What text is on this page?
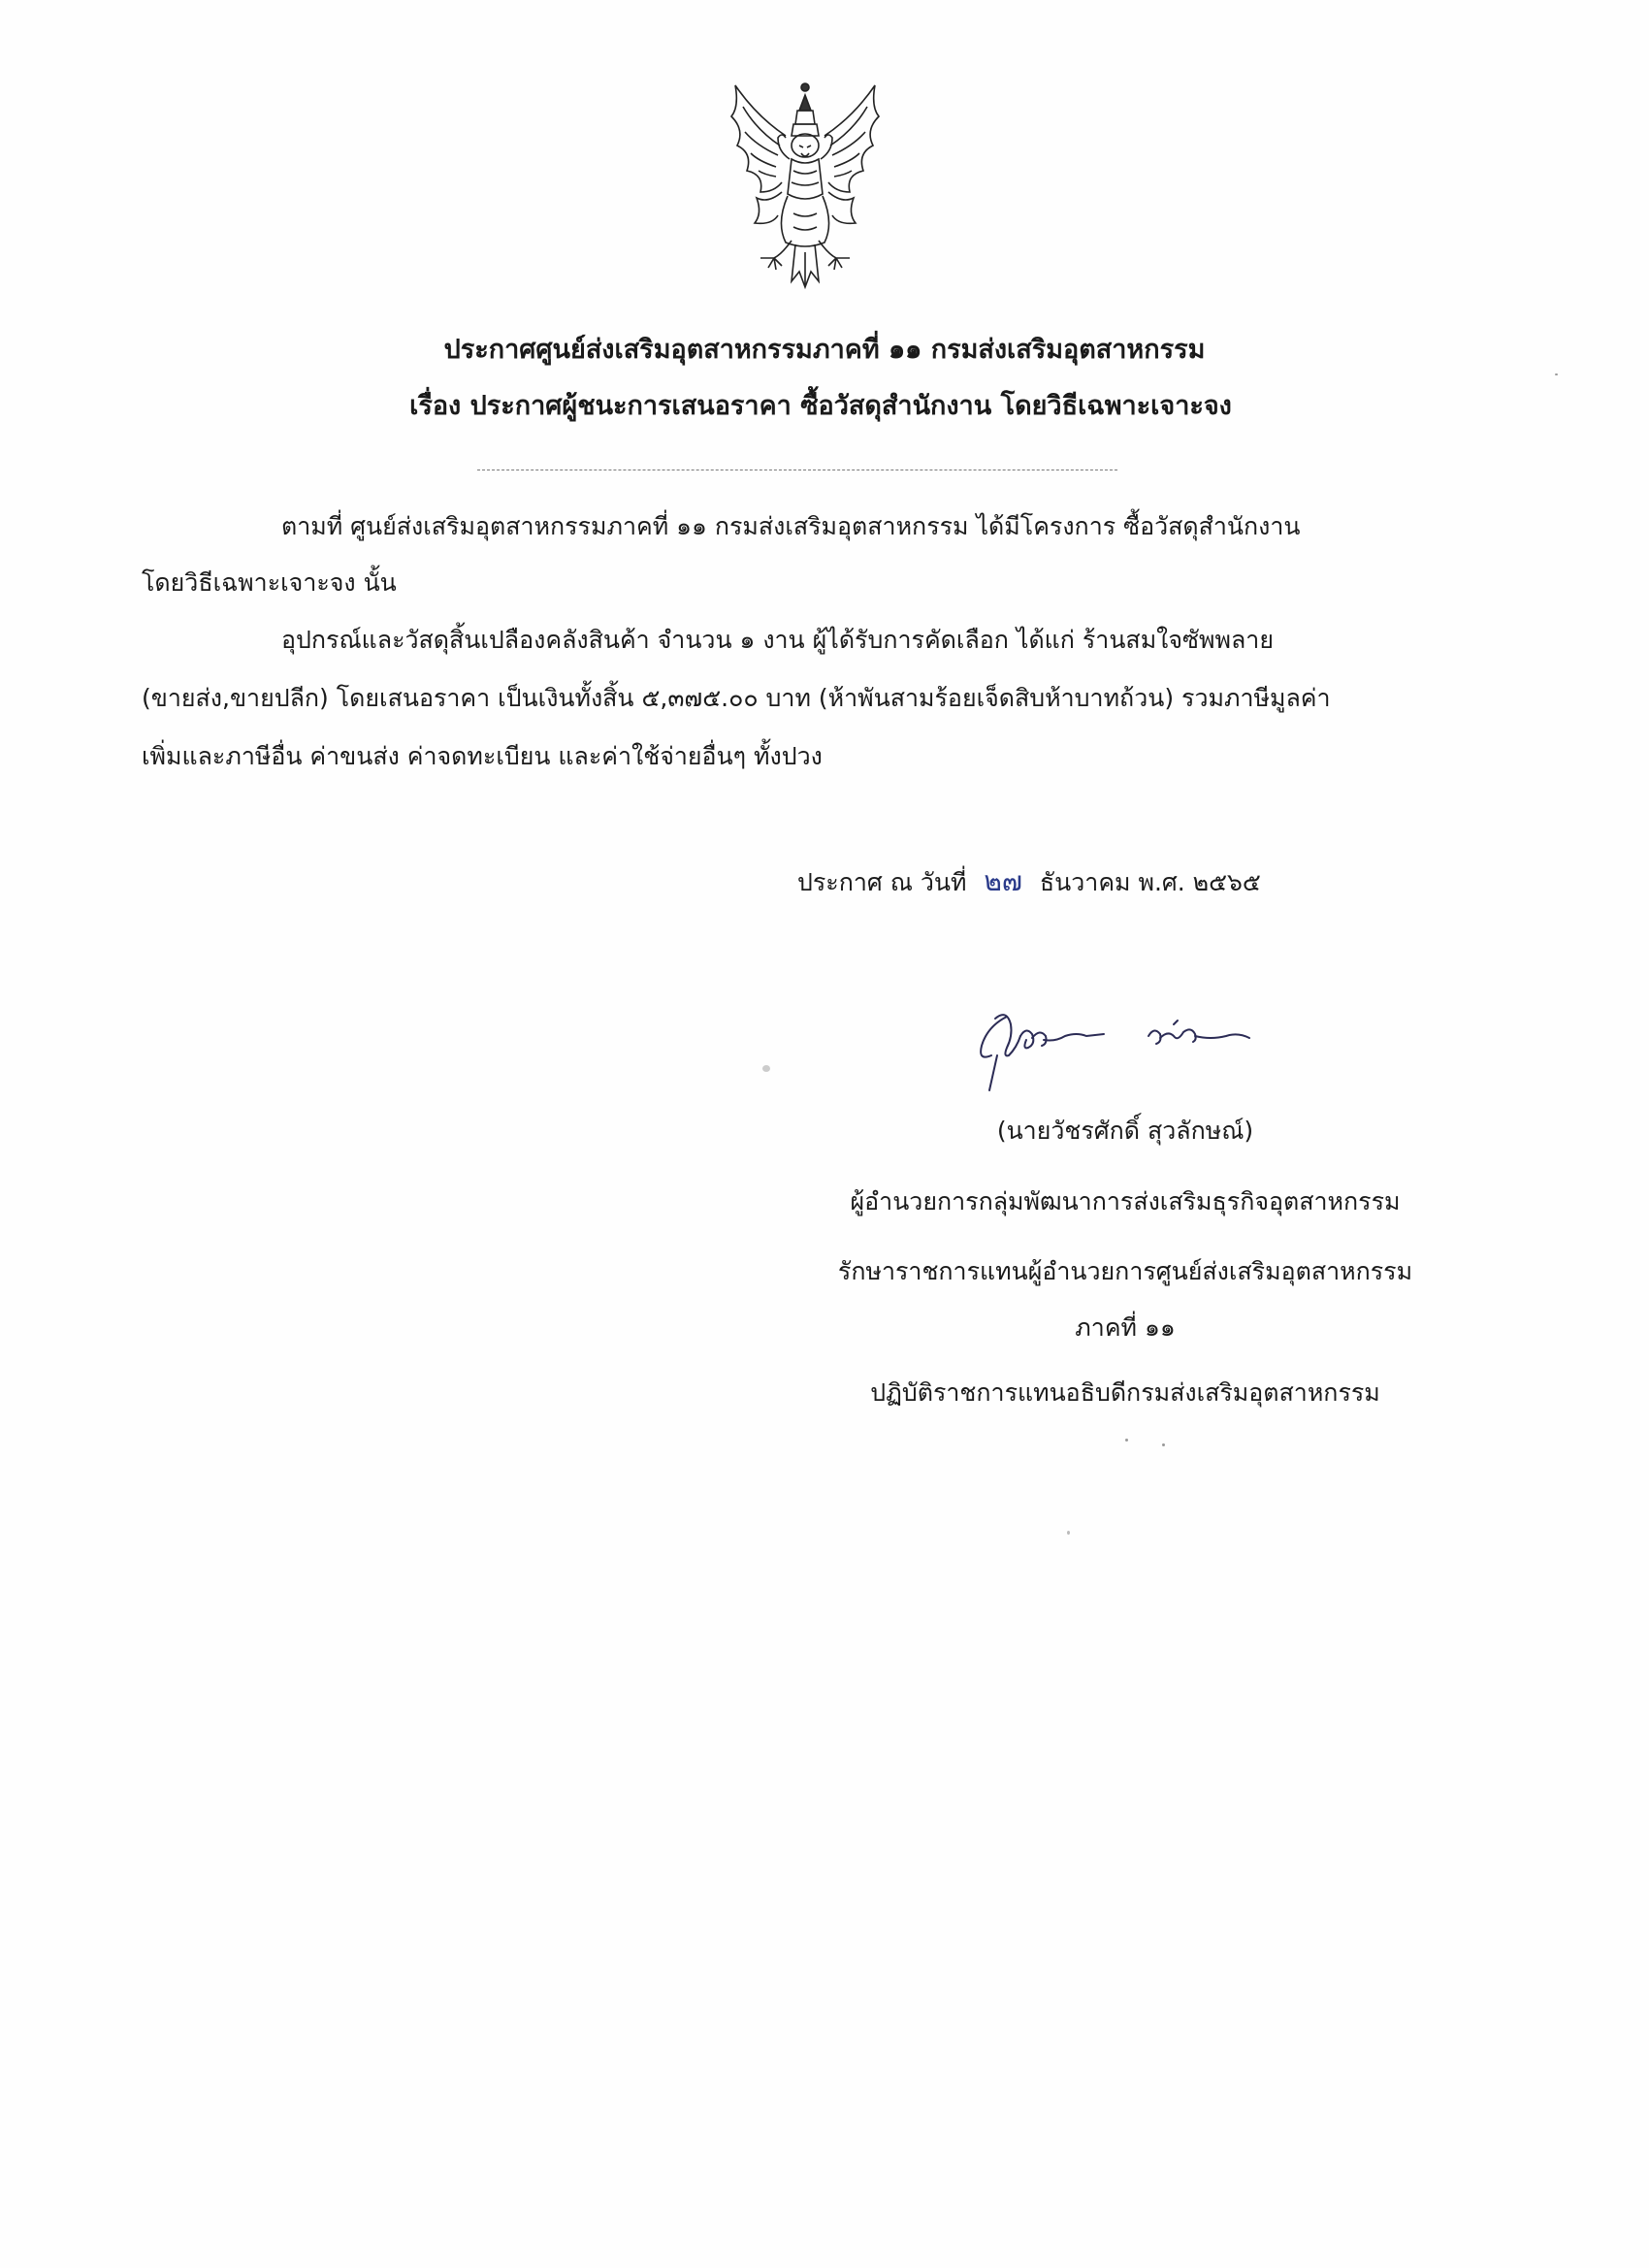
ประกาศศูนย์ส่งเสริมอุตสาหกรรมภาคที่ ๑๑ กรมส่งเสริมอุตสาหกรรม
เรื่อง ประกาศผู้ชนะการเสนอราคา ซื้อวัสดุสำนักงาน โดยวิธีเฉพาะเจาะจง
ตามที่ ศูนย์ส่งเสริมอุตสาหกรรมภาคที่ ๑๑ กรมส่งเสริมอุตสาหกรรม ได้มีโครงการ ซื้อวัสดุสำนักงาน
โดยวิธีเฉพาะเจาะจง นั้น
อุปกรณ์และวัสดุสิ้นเปลืองคลังสินค้า จำนวน ๑ งาน ผู้ได้รับการคัดเลือก ได้แก่ ร้านสมใจซัพพลาย
(ขายส่ง,ขายปลีก) โดยเสนอราคา เป็นเงินทั้งสิ้น ๕,๓๗๕.๐๐ บาท (ห้าพันสามร้อยเจ็ดสิบห้าบาทถ้วน) รวมภาษีมูลค่า
เพิ่มและภาษีอื่น ค่าขนส่ง ค่าจดทะเบียน และค่าใช้จ่ายอื่นๆ ทั้งปวง
ประกาศ ณ วันที่ ๒๗ ธันวาคม พ.ศ. ๒๕๖๕
(นายวัชรศักดิ์ สุวลักษณ์)
ผู้อำนวยการกลุ่มพัฒนาการส่งเสริมธุรกิจอุตสาหกรรม
รักษาราชการแทนผู้อำนวยการศูนย์ส่งเสริมอุตสาหกรรม
ภาคที่ ๑๑
ปฏิบัติราชการแทนอธิบดีกรมส่งเสริมอุตสาหกรรม
